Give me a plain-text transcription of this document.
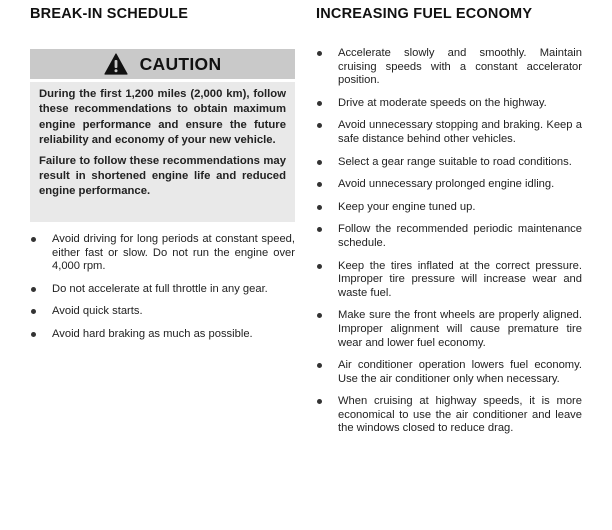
BREAK-IN SCHEDULE
CAUTION

During the first 1,200 miles (2,000 km), follow these recommendations to obtain maximum engine performance and ensure the future reliability and economy of your new vehicle.

Failure to follow these recommendations may result in shortened engine life and reduced engine performance.

Avoid driving for long periods at constant speed, either fast or slow. Do not run the engine over 4,000 rpm.
Do not accelerate at full throttle in any gear.
Avoid quick starts.
Avoid hard braking as much as possible.
INCREASING FUEL ECONOMY
Accelerate slowly and smoothly. Maintain cruising speeds with a constant accelerator position.
Drive at moderate speeds on the highway.
Avoid unnecessary stopping and braking. Keep a safe distance behind other vehicles.
Select a gear range suitable to road conditions.
Avoid unnecessary prolonged engine idling.
Keep your engine tuned up.
Follow the recommended periodic maintenance schedule.
Keep the tires inflated at the correct pressure. Improper tire pressure will increase wear and waste fuel.
Make sure the front wheels are properly aligned. Improper alignment will cause premature tire wear and lower fuel economy.
Air conditioner operation lowers fuel economy. Use the air conditioner only when necessary.
When cruising at highway speeds, it is more economical to use the air conditioner and leave the windows closed to reduce drag.
